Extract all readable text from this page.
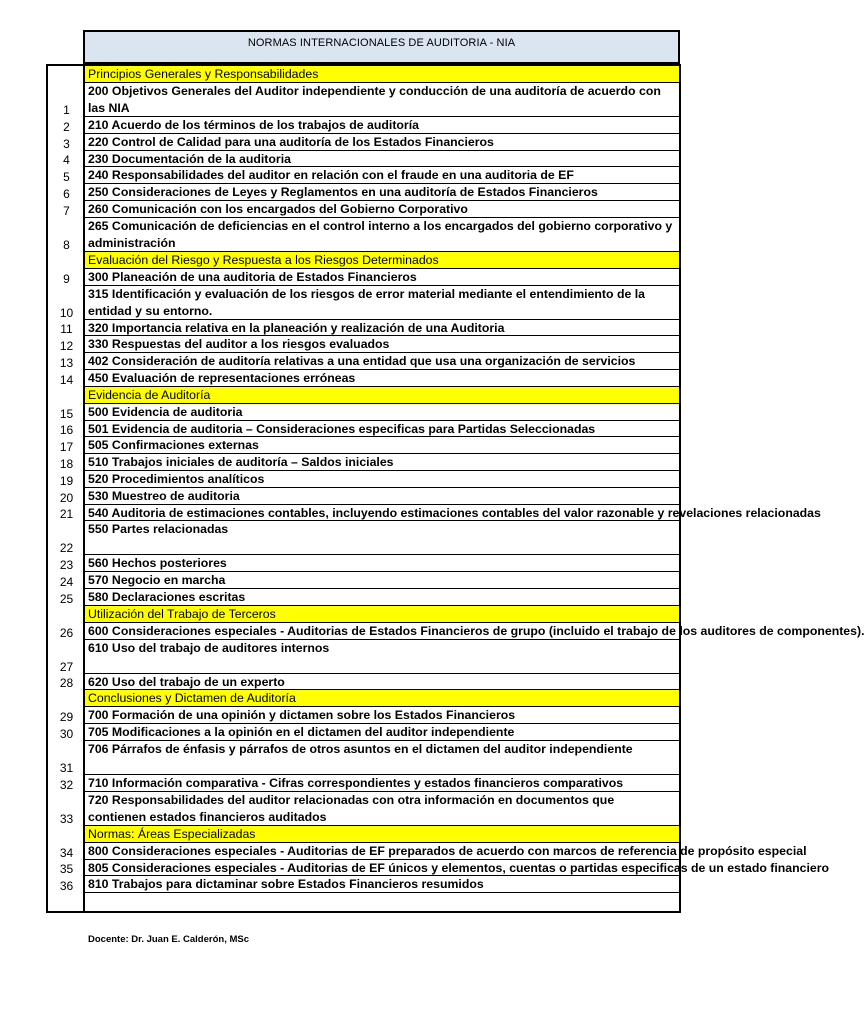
NORMAS INTERNACIONALES DE AUDITORIA - NIA
1
2
3
4
5
6
7
8
9
10
11
12
13
14
15
16
17
18
19
20
21
22
23
24
25
26
27
28
29
30
31
32
33
34
35
36
Principios Generales y Responsabilidades
200 Objetivos Generales del Auditor independiente y conducción de una auditoría de acuerdo con las NIA
210 Acuerdo de los términos de los trabajos de auditoría
220 Control de Calidad para una auditoría de los Estados Financieros
230 Documentación de la auditoria
240 Responsabilidades del auditor en relación con el fraude en una auditoria de EF
250 Consideraciones de Leyes y Reglamentos en una auditoría de Estados Financieros
260 Comunicación con los encargados del Gobierno Corporativo
265 Comunicación de deficiencias en el control interno a los encargados del gobierno corporativo y administración
Evaluación del Riesgo y Respuesta a los Riesgos Determinados
300 Planeación de una auditoria de Estados Financieros
315 Identificación y evaluación de los riesgos de error material mediante el entendimiento de la entidad y su entorno.
320 Importancia relativa en la planeación y realización de una Auditoria
330 Respuestas del auditor a los riesgos evaluados
402 Consideración de auditoría relativas a una entidad que usa una organización de servicios
450 Evaluación de representaciones erróneas
Evidencia de Auditoría
500 Evidencia de auditoria
501 Evidencia de auditoria – Consideraciones especificas para Partidas Seleccionadas
505 Confirmaciones externas
510 Trabajos iniciales de auditoría – Saldos iniciales
520 Procedimientos analíticos
530 Muestreo de auditoria
540 Auditoria de estimaciones contables, incluyendo estimaciones contables del valor razonable y revelaciones relacionadas
550 Partes relacionadas
560 Hechos posteriores
570 Negocio en marcha
580 Declaraciones escritas
Utilización del Trabajo de Terceros
600 Consideraciones especiales - Auditorias de Estados Financieros de grupo (incluido el trabajo de los auditores de componentes).
610 Uso del trabajo de auditores internos
620 Uso del trabajo de un experto
Conclusiones y Dictamen de Auditoría
700 Formación de una opinión y dictamen sobre los Estados Financieros
705 Modificaciones a la opinión en el dictamen del auditor independiente
706 Párrafos de énfasis y párrafos de otros asuntos en el dictamen del auditor independiente
710 Información comparativa - Cifras correspondientes y estados financieros comparativos
720 Responsabilidades del auditor relacionadas con otra información en documentos que contienen estados financieros auditados
Normas: Áreas Especializadas
800 Consideraciones especiales - Auditorias de EF preparados de acuerdo con marcos de referencia de propósito especial
805 Consideraciones especiales - Auditorias de EF únicos y elementos, cuentas o partidas especificas de un estado financiero
810 Trabajos para dictaminar sobre Estados Financieros resumidos
Docente: Dr. Juan E. Calderón, MSc
